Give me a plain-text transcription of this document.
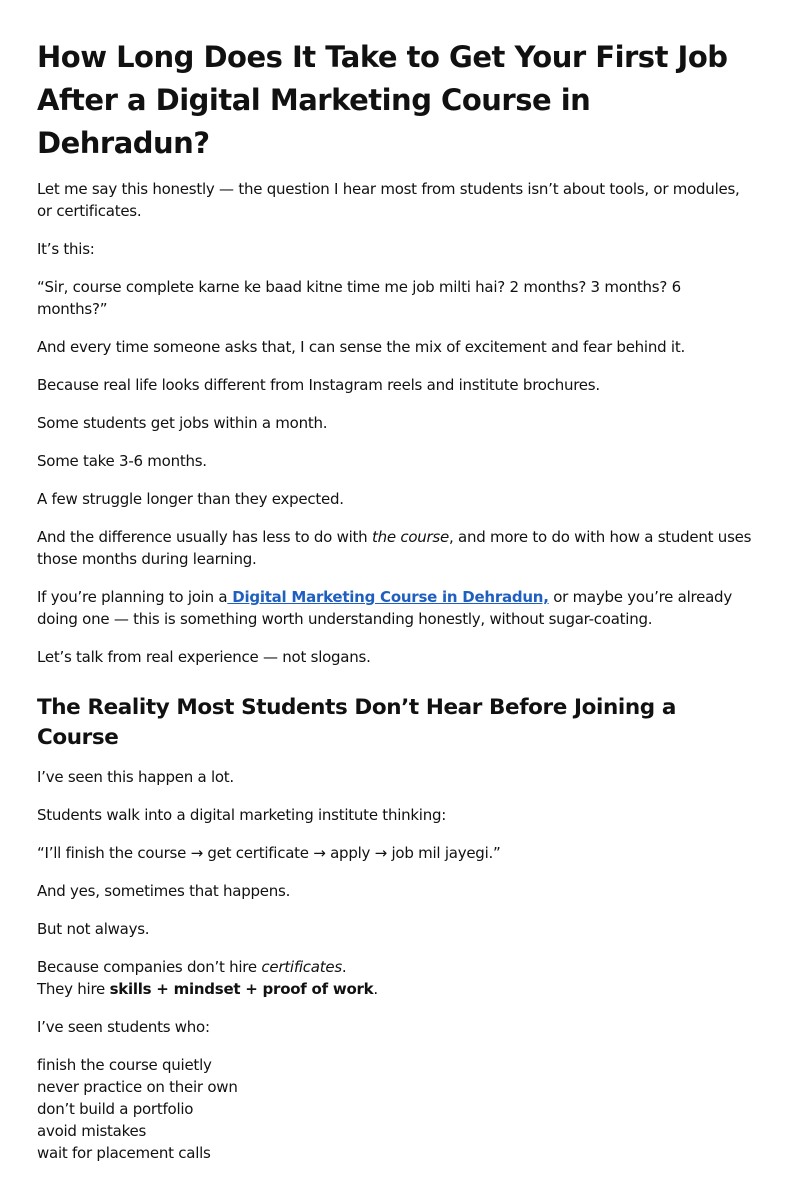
How Long Does It Take to Get Your First Job After a Digital Marketing Course in Dehradun?

Let me say this honestly — the question I hear most from students isn’t about tools, or modules, or certificates.

It’s this:

“Sir, course complete karne ke baad kitne time me job milti hai? 2 months? 3 months? 6 months?”

And every time someone asks that, I can sense the mix of excitement and fear behind it.

Because real life looks different from Instagram reels and institute brochures.

Some students get jobs within a month.

Some take 3-6 months.

A few struggle longer than they expected.

And the difference usually has less to do with the course, and more to do with how a student uses those months during learning.

If you’re planning to join a Digital Marketing Course in Dehradun, or maybe you’re already doing one — this is something worth understanding honestly, without sugar-coating.

Let’s talk from real experience — not slogans.

The Reality Most Students Don’t Hear Before Joining a Course

I’ve seen this happen a lot.

Students walk into a digital marketing institute thinking:

“I’ll finish the course → get certificate → apply → job mil jayegi.”

And yes, sometimes that happens.

But not always.

Because companies don’t hire certificates.
They hire skills + mindset + proof of work.

I’ve seen students who:

finish the course quietly
never practice on their own
don’t build a portfolio
avoid mistakes
wait for placement calls
